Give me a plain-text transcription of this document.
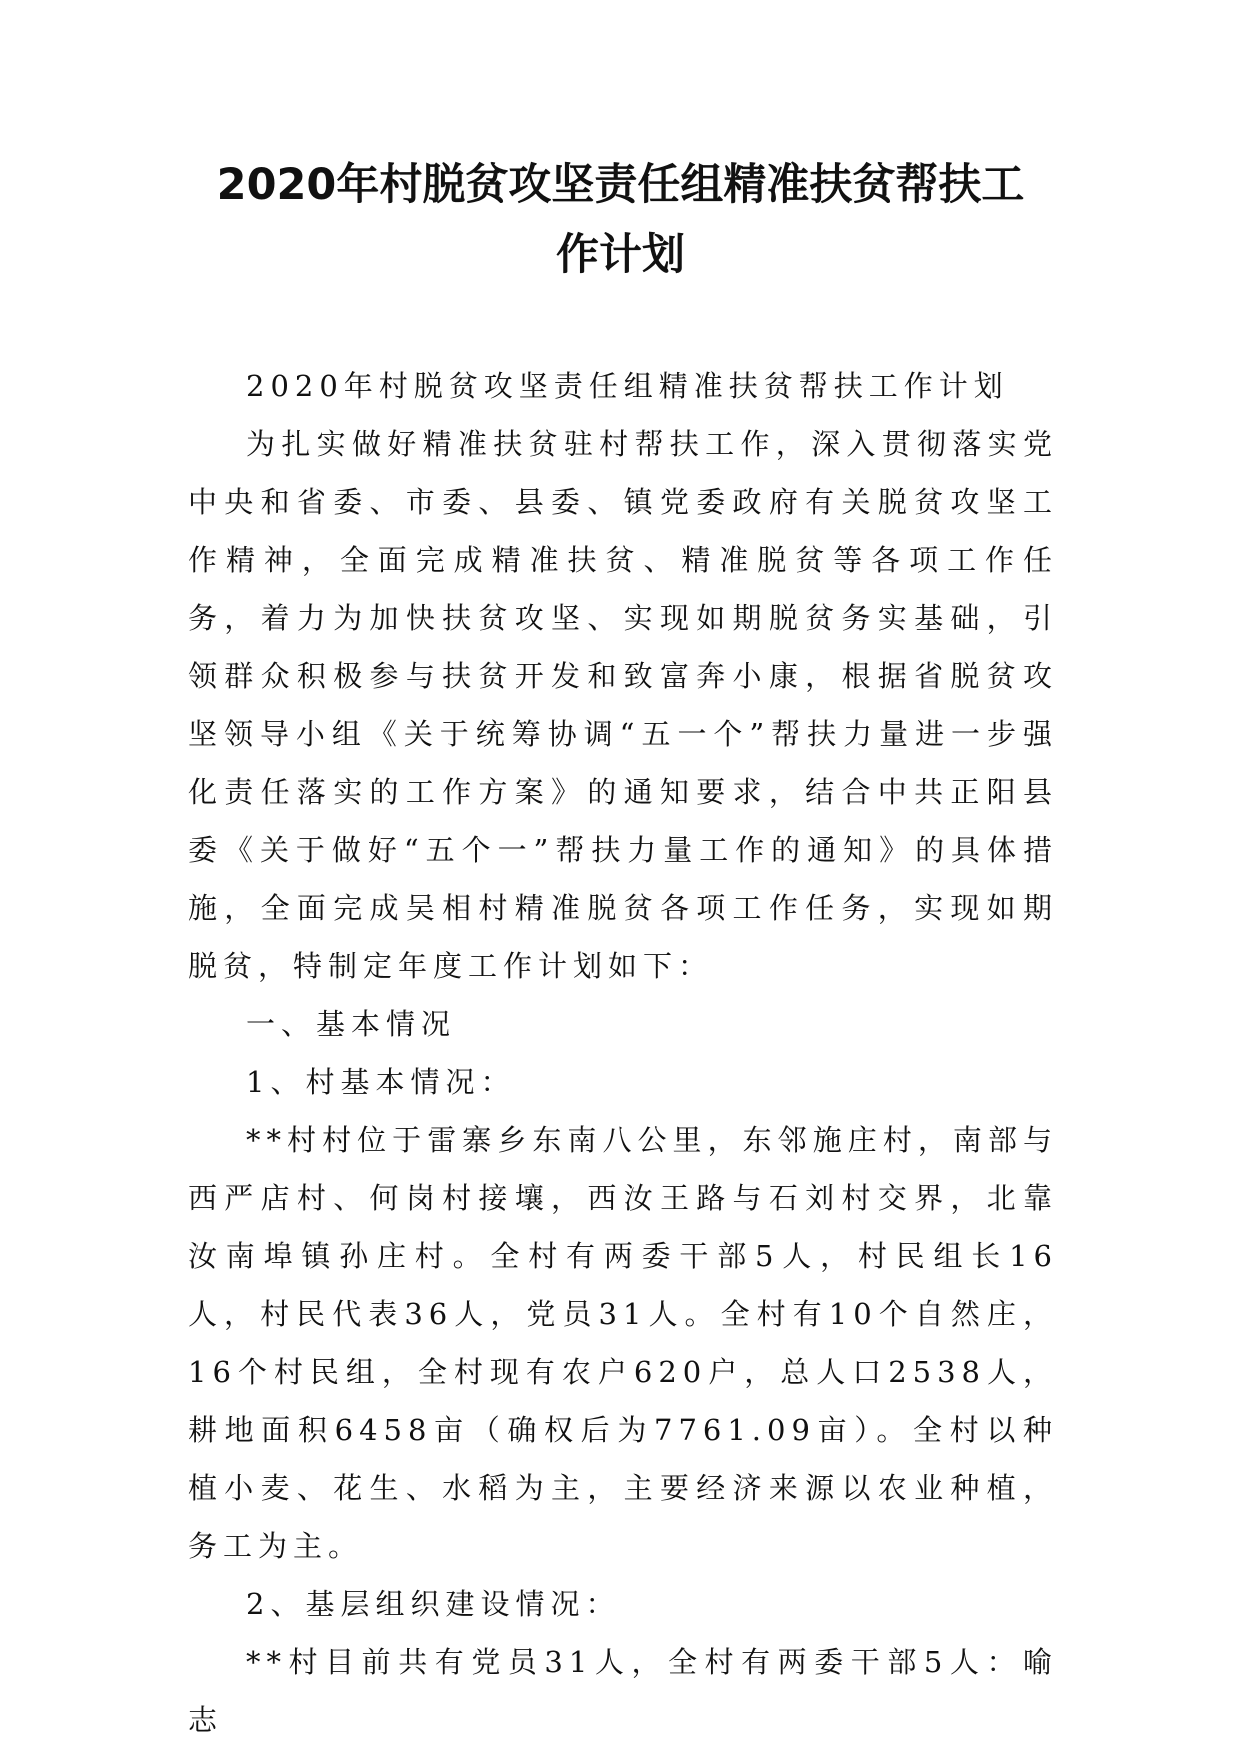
2020年村脱贫攻坚责任组精准扶贫帮扶工
作计划

2020年村脱贫攻坚责任组精准扶贫帮扶工作计划

为扎实做好精准扶贫驻村帮扶工作，深入贯彻落实党中央和省委、市委、县委、镇党委政府有关脱贫攻坚工作精神，全面完成精准扶贫、精准脱贫等各项工作任务，着力为加快扶贫攻坚、实现如期脱贫务实基础，引领群众积极参与扶贫开发和致富奔小康，根据省脱贫攻坚领导小组《关于统筹协调“五一个”帮扶力量进一步强化责任落实的工作方案》的通知要求，结合中共正阳县委《关于做好“五个一”帮扶力量工作的通知》的具体措施，全面完成吴相村精准脱贫各项工作任务，实现如期脱贫，特制定年度工作计划如下：

一、基本情况

1、村基本情况：

**村村位于雷寨乡东南八公里，东邻施庄村，南部与西严店村、何岗村接壤，西汝王路与石刘村交界，北靠汝南埠镇孙庄村。全村有两委干部5人，村民组长16人，村民代表36人，党员31人。全村有10个自然庄，16个村民组，全村现有农户620户，总人口2538人，耕地面积6458亩（确权后为7761.09亩）。全村以种植小麦、花生、水稻为主，主要经济来源以农业种植，务工为主。

2、基层组织建设情况：

**村目前共有党员31人，全村有两委干部5人：喻志
